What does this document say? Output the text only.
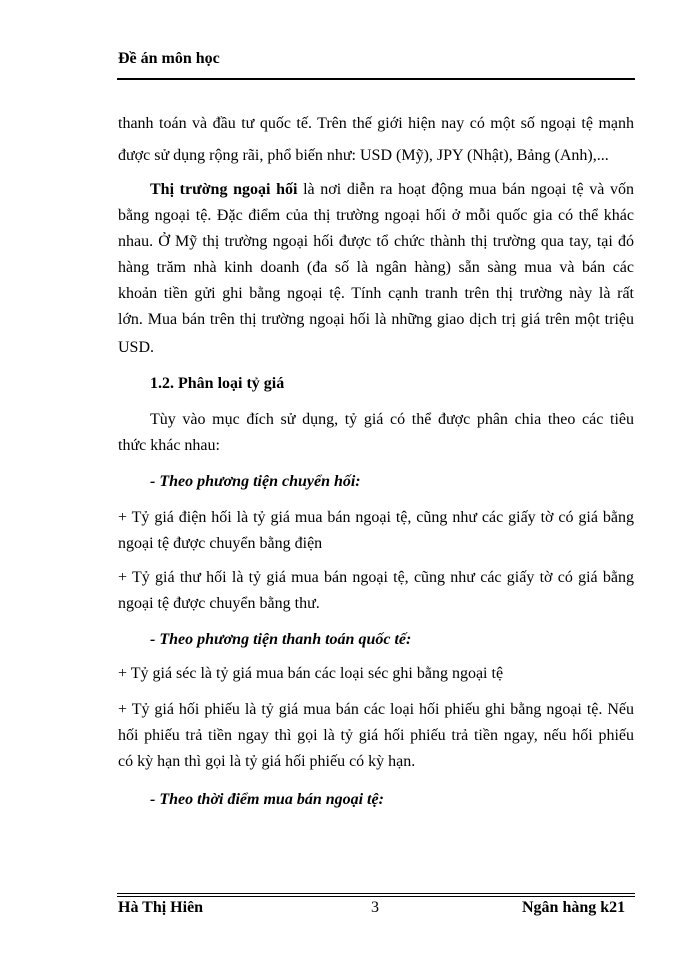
Đề án môn học
thanh toán và đầu tư quốc tế. Trên thế giới hiện nay có một số ngoại tệ mạnh
được sử dụng rộng rãi, phổ biến như: USD (Mỹ), JPY (Nhật), Bảng (Anh),...
Thị trường ngoại hối là nơi diễn ra hoạt động mua bán ngoại tệ và vốn
bằng ngoại tệ. Đặc điểm của thị trường ngoại hối ở mỗi quốc gia có thể khác
nhau. Ở Mỹ thị trường ngoại hối được tổ chức thành thị trường qua tay, tại đó
hàng trăm nhà kinh doanh (đa số là ngân hàng) sẵn sàng mua và bán các
khoản tiền gửi ghi bằng ngoại tệ. Tính cạnh tranh trên thị trường này là rất
lớn. Mua bán trên thị trường ngoại hối là những giao dịch trị giá trên một triệu
USD.
1.2. Phân loại tỷ giá
Tùy vào mục đích sử dụng, tỷ giá có thể được phân chia theo các tiêu
thức khác nhau:
- Theo phương tiện chuyển hối:
+ Tỷ giá điện hối là tỷ giá mua bán ngoại tệ, cũng như các giấy tờ có giá bằng
ngoại tệ được chuyển bằng điện
+ Tỷ giá thư hối là tỷ giá mua bán ngoại tệ, cũng như các giấy tờ có giá bằng
ngoại tệ được chuyển bằng thư.
- Theo phương tiện thanh toán quốc tế:
+ Tỷ giá séc là tỷ giá mua bán các loại séc ghi bằng ngoại tệ
+ Tỷ giá hối phiếu là tỷ giá mua bán các loại hối phiếu ghi bằng ngoại tệ. Nếu
hối phiếu trả tiền ngay thì gọi là tỷ giá hối phiếu trả tiền ngay, nếu hối phiếu
có kỳ hạn thì gọi là tỷ giá hối phiếu có kỳ hạn.
- Theo thời điểm mua bán ngoại tệ:
Hà Thị Hiên	3	Ngân hàng k21
